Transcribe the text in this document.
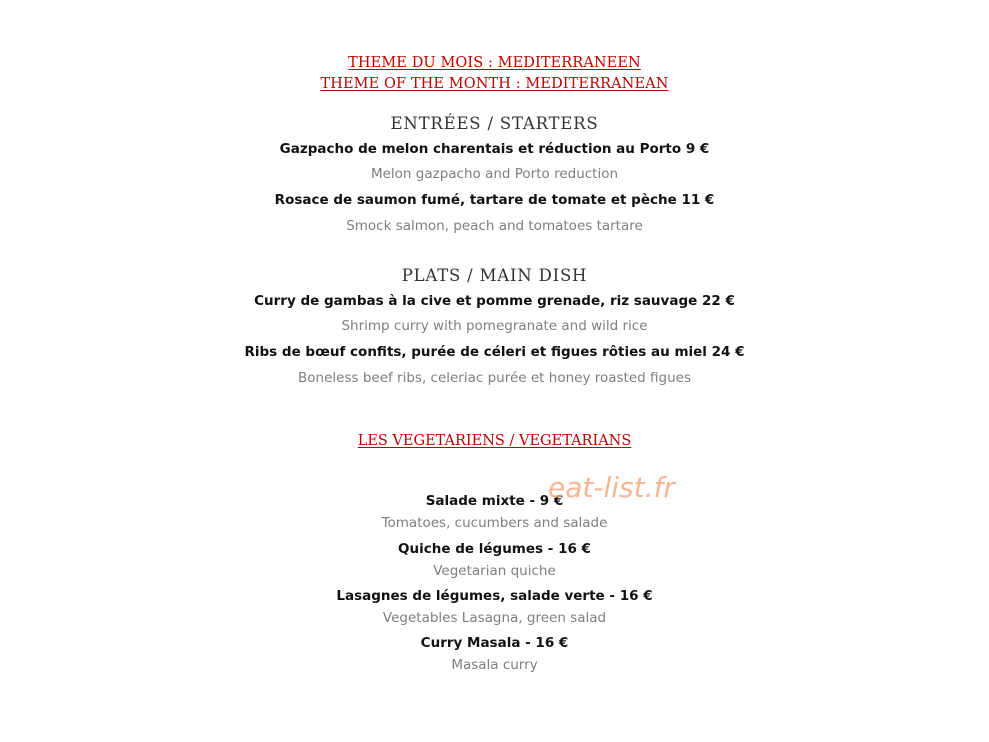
THEME DU MOIS : MEDITERRANEEN
THEME OF THE MONTH : MEDITERRANEAN
ENTRÉES / STARTERS
Gazpacho de melon charentais et réduction au Porto 9 €
Melon gazpacho and Porto reduction
Rosace de saumon fumé, tartare de tomate et pèche 11 €
Smock salmon, peach and tomatoes tartare
PLATS / MAIN DISH
Curry de gambas à la cive et pomme grenade, riz sauvage 22 €
Shrimp curry with pomegranate and wild rice
Ribs de bœuf confits, purée de céleri et figues rôties au miel 24 €
Boneless beef ribs, celeriac purée et honey roasted figues
LES VEGETARIENS / VEGETARIANS
Salade mixte - 9 €
Tomatoes, cucumbers and salade
Quiche de légumes - 16 €
Vegetarian quiche
Lasagnes de légumes, salade verte - 16 €
Vegetables Lasagna, green salad
Curry Masala - 16 €
Masala curry
eat-list.fr
